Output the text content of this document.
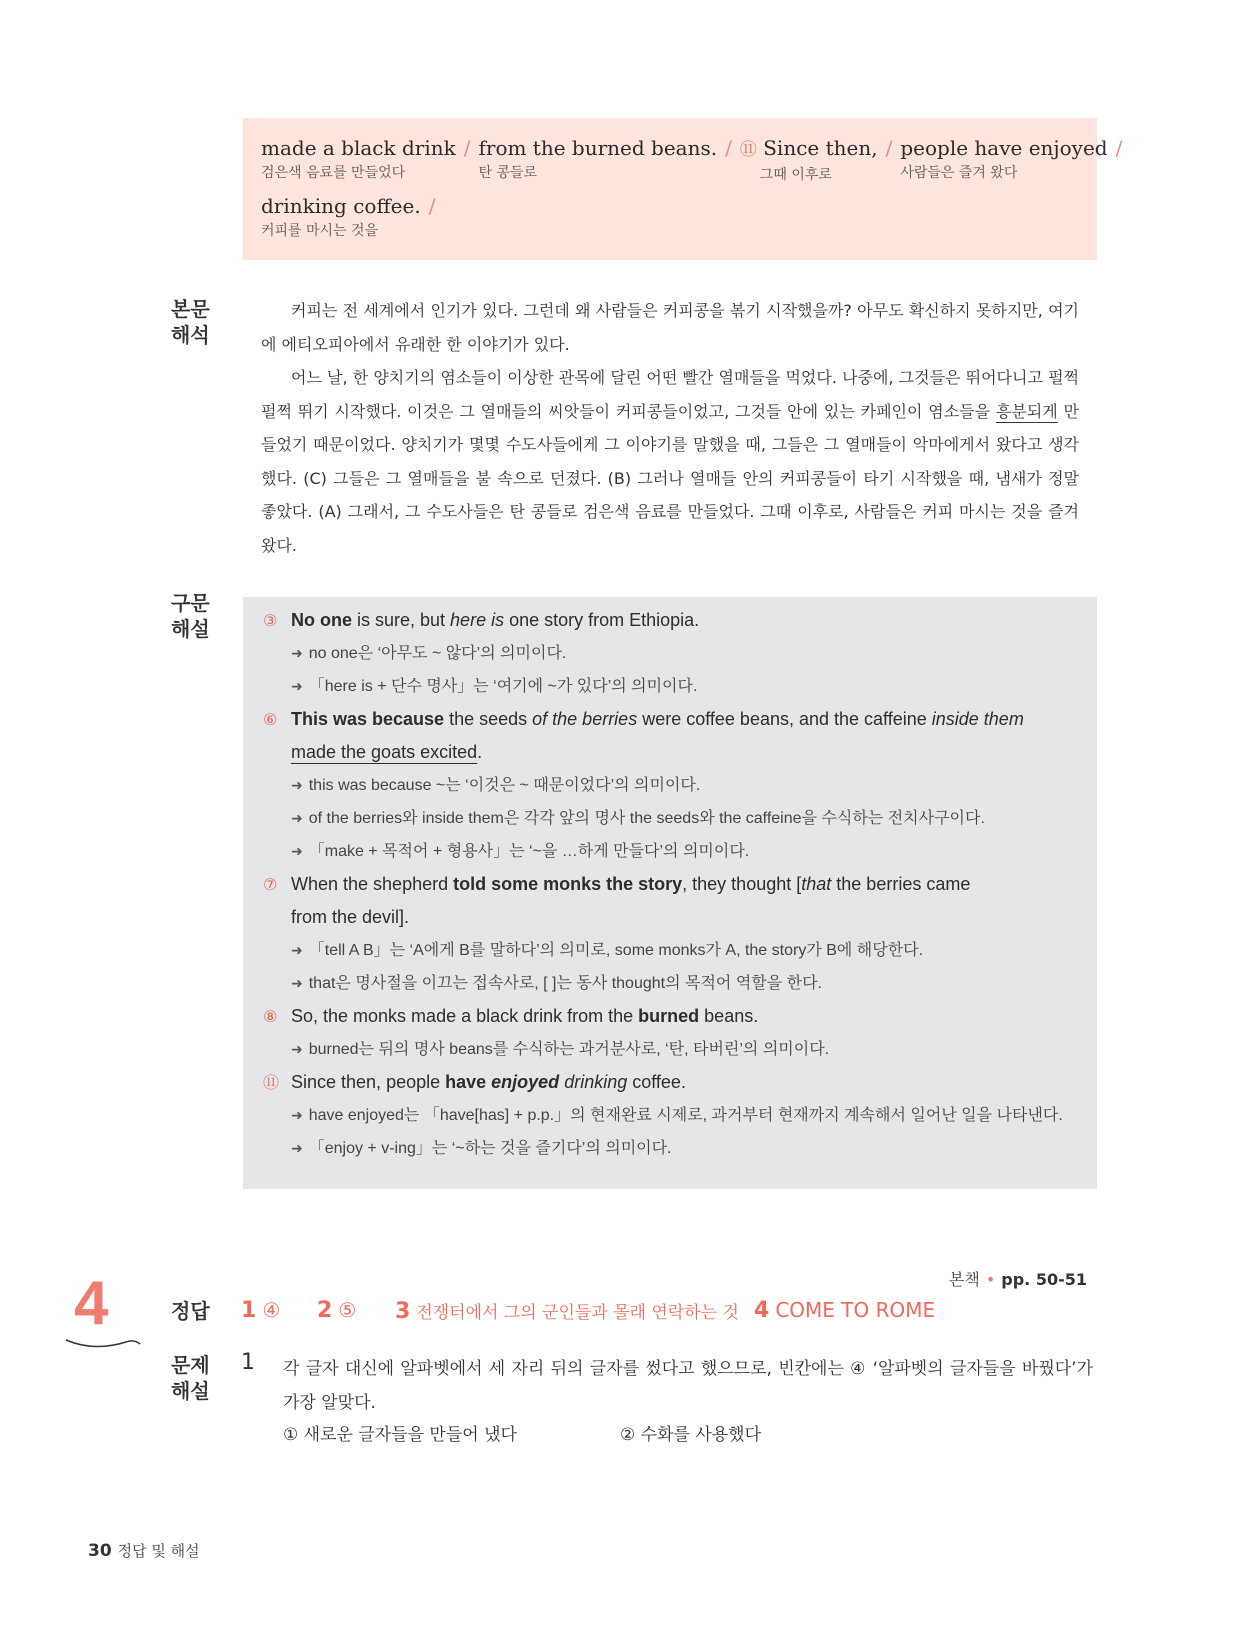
made a black drink /
검은색 음료를 만들었다
from the burned beans. /
탄 콩들로
⑪ Since then, /
그때 이후로
people have enjoyed /
사람들은 즐겨 왔다
drinking coffee. /
커피를 마시는 것을
본문
해석

커피는 전 세계에서 인기가 있다. 그런데 왜 사람들은 커피콩을 볶기 시작했을까? 아무도 확신하지 못하지만, 여기에 에티오피아에서 유래한 한 이야기가 있다.

어느 날, 한 양치기의 염소들이 이상한 관목에 달린 어떤 빨간 열매들을 먹었다. 나중에, 그것들은 뛰어다니고 펄쩍펄쩍 뛰기 시작했다. 이것은 그 열매들의 씨앗들이 커피콩들이었고, 그것들 안에 있는 카페인이 염소들을 흥분되게 만들었기 때문이었다. 양치기가 몇몇 수도사들에게 그 이야기를 말했을 때, 그들은 그 열매들이 악마에게서 왔다고 생각했다. (C) 그들은 그 열매들을 불 속으로 던졌다. (B) 그러나 열매들 안의 커피콩들이 타기 시작했을 때, 냄새가 정말 좋았다. (A) 그래서, 그 수도사들은 탄 콩들로 검은색 음료를 만들었다. 그때 이후로, 사람들은 커피 마시는 것을 즐겨 왔다.

구문
해설	③ No one is sure, but here is one story from Ethiopia.
➜ no one은 ‘아무도 ~ 않다’의 의미이다.
➜ 「here is + 단수 명사」는 ‘여기에 ~가 있다’의 의미이다.
⑥ This was because the seeds of the berries were coffee beans, and the caffeine inside them
made the goats excited.
➜ this was because ~는 ‘이것은 ~ 때문이었다’의 의미이다.
➜ of the berries와 inside them은 각각 앞의 명사 the seeds와 the caffeine을 수식하는 전치사구이다.
➜ 「make + 목적어 + 형용사」는 ‘~을 …하게 만들다’의 의미이다.
⑦ When the shepherd told some monks the story, they thought [that the berries came
from the devil].
➜ 「tell A B」는 ‘A에게 B를 말하다’의 의미로, some monks가 A, the story가 B에 해당한다.
➜ that은 명사절을 이끄는 접속사로, [ ]는 동사 thought의 목적어 역할을 한다.
⑧ So, the monks made a black drink from the burned beans.
➜ burned는 뒤의 명사 beans를 수식하는 과거분사로, ‘탄, 타버린’의 의미이다.
⑪ Since then, people have enjoyed drinking coffee.
➜ have enjoyed는 「have[has] + p.p.」의 현재완료 시제로, 과거부터 현재까지 계속해서 일어난 일을 나타낸다.
➜ 「enjoy + v-ing」는 ‘~하는 것을 즐기다’의 의미이다.
본책 • pp. 50-51
4	정답 1 ④ 2 ⑤ 3 전쟁터에서 그의 군인들과 몰래 연락하는 것 4 COME TO ROME
문제
해설
1 각 글자 대신에 알파벳에서 세 자리 뒤의 글자를 썼다고 했으므로, 빈칸에는 ④ ‘알파벳의 글자들을 바꿨다’가 가장 알맞다.
① 새로운 글자들을 만들어 냈다	② 수화를 사용했다
30 정답 및 해설
